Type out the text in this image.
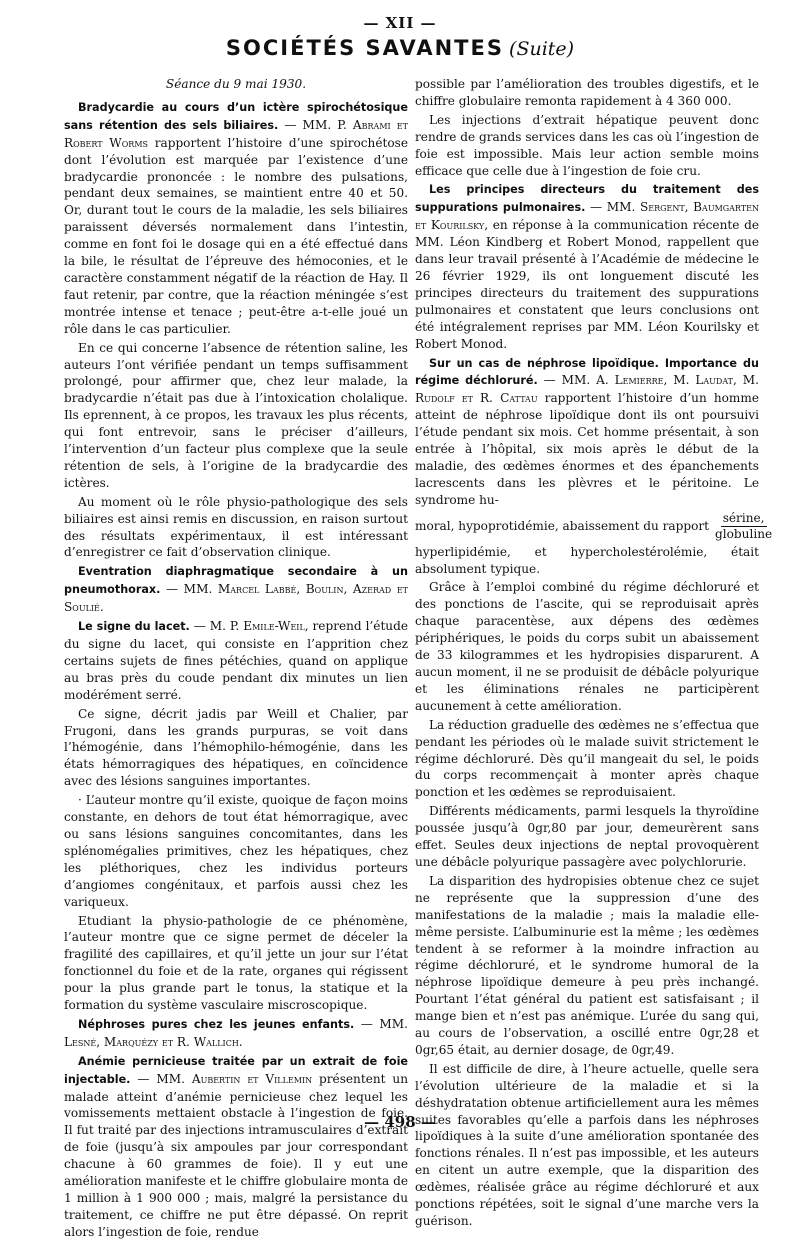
— XII —
SOCIÉTÉS SAVANTES (Suite)
Séance du 9 mai 1930.

Bradycardie au cours d’un ictère spirochétosique sans rétention des sels biliaires. — MM. P. Abrami et Robert Worms rapportent l’histoire d’une spirochétose dont l’évolution est marquée par l’existence d’une bradycardie prononcée : le nombre des pulsations, pendant deux semaines, se maintient entre 40 et 50. Or, durant tout le cours de la maladie, les sels biliaires paraissent déversés normalement dans l’intestin, comme en font foi le dosage qui en a été effectué dans la bile, le résultat de l’épreuve des hémoconies, et le caractère constamment négatif de la réaction de Hay. Il faut retenir, par contre, que la réaction méningée s’est montrée intense et tenace ; peut-être a-t-elle joué un rôle dans le cas particulier.

En ce qui concerne l’absence de rétention saline, les auteurs l’ont vérifiée pendant un temps suffisamment prolongé, pour affirmer que, chez leur malade, la bradycardie n’était pas due à l’intoxication cholalique. Ils eprennent, à ce propos, les travaux les plus récents, qui font entrevoir, sans le préciser d’ailleurs, l’intervention d’un facteur plus complexe que la seule rétention de sels, à l’origine de la bradycardie des ictères.

Au moment où le rôle physio-pathologique des sels biliaires est ainsi remis en discussion, en raison surtout des résultats expérimentaux, il est intéressant d’enregistrer ce fait d’observation clinique.

Eventration diaphragmatique secondaire à un pneumothorax. — MM. Marcel Labbé, Boulin, Azerad et Soulié.

Le signe du lacet. — M. P. Emile-Weil, reprend l’étude du signe du lacet, qui consiste en l’apprition chez certains sujets de fines pétéchies, quand on applique au bras près du coude pendant dix minutes un lien modérément serré.

Ce signe, décrit jadis par Weill et Chalier, par Frugoni, dans les grands purpuras, se voit dans l’hémogénie, dans l’hémophilo-hémogénie, dans les états hémorragiques des hépatiques, en coïncidence avec des lésions sanguines importantes.

· L’auteur montre qu’il existe, quoique de façon moins constante, en dehors de tout état hémorragique, avec ou sans lésions sanguines concomitantes, dans les splénomégalies primitives, chez les hépatiques, chez les pléthoriques, chez les individus porteurs d’angiomes congénitaux, et parfois aussi chez les variqueux.

Etudiant la physio-pathologie de ce phénomène, l’auteur montre que ce signe permet de déceler la fragilité des capillaires, et qu’il jette un jour sur l’état fonctionnel du foie et de la rate, organes qui régissent pour la plus grande part le tonus, la statique et la formation du système vasculaire miscroscopique.

Néphroses pures chez les jeunes enfants. — MM. Lesné, Marquézy et R. Wallich.

Anémie pernicieuse traitée par un extrait de foie injectable. — MM. Aubertin et Villemin présentent un malade atteint d’anémie pernicieuse chez lequel les vomissements mettaient obstacle à l’ingestion de foie. Il fut traité par des injections intramusculaires d’extrait de foie (jusqu’à six ampoules par jour correspondant chacune à 60 grammes de foie). Il y eut une amélioration manifeste et le chiffre globulaire monta de 1 million à 1 900 000 ; mais, malgré la persistance du traitement, ce chiffre ne put être dépassé. On reprit alors l’ingestion de foie, rendue

possible par l’amélioration des troubles digestifs, et le chiffre globulaire remonta rapidement à 4 360 000.

Les injections d’extrait hépatique peuvent donc rendre de grands services dans les cas où l’ingestion de foie est impossible. Mais leur action semble moins efficace que celle due à l’ingestion de foie cru.

Les principes directeurs du traitement des suppurations pulmonaires. — MM. Sergent, Baumgarten et Kourilsky, en réponse à la communication récente de MM. Léon Kindberg et Robert Monod, rappellent que dans leur travail présenté à l’Académie de médecine le 26 février 1929, ils ont longuement discuté les principes directeurs du traitement des suppurations pulmonaires et constatent que leurs conclusions ont été intégralement reprises par MM. Léon Kourilsky et Robert Monod.

Sur un cas de néphrose lipoïdique. Importance du régime déchloruré. — MM. A. Lemierre, M. Laudat, M. Rudolf et R. Cattau rapportent l’histoire d’un homme atteint de néphrose lipoïdique dont ils ont poursuivi l’étude pendant six mois. Cet homme présentait, à son entrée à l’hôpital, six mois après le début de la maladie, des œdèmes énormes et des épanchements lacrescents dans les plèvres et le péritoine. Le syndrome hu-

moral, hypoprotidémie, abaissement du rapport $\frac{\text{sérine,}}{\text{globuline}}$

hyperlipidémie, et hypercholestérolémie, était absolument typique.

Grâce à l’emploi combiné du régime déchloruré et des ponctions de l’ascite, qui se reproduisait après chaque paracentèse, aux dépens des œdèmes périphériques, le poids du corps subit un abaissement de 33 kilogrammes et les hydropisies disparurent. A aucun moment, il ne se produisit de débâcle polyurique et les éliminations rénales ne participèrent aucunement à cette amélioration.

La réduction graduelle des œdèmes ne s’effectua que pendant les périodes où le malade suivit strictement le régime déchloruré. Dès qu’il mangeait du sel, le poids du corps recommençait à monter après chaque ponction et les œdèmes se reproduisaient.

Différents médicaments, parmi lesquels la thyroïdine poussée jusqu’à 0gr,80 par jour, demeurèrent sans effet. Seules deux injections de neptal provoquèrent une débâcle polyurique passagère avec polychlorurie.

La disparition des hydropisies obtenue chez ce sujet ne représente que la suppression d’une des manifestations de la maladie ; mais la maladie elle-même persiste. L’albuminurie est la même ; les œdèmes tendent à se reformer à la moindre infraction au régime déchloruré, et le syndrome humoral de la néphrose lipoïdique demeure à peu près inchangé. Pourtant l’état général du patient est satisfaisant ; il mange bien et n’est pas anémique. L’urée du sang qui, au cours de l’observation, a oscillé entre 0gr,28 et 0gr,65 était, au dernier dosage, de 0gr,49.

Il est difficile de dire, à l’heure actuelle, quelle sera l’évolution ultérieure de la maladie et si la déshydratation obtenue artificiellement aura les mêmes suites favorables qu’elle a parfois dans les néphroses lipoïdiques à la suite d’une amélioration spontanée des fonctions rénales. Il n’est pas impossible, et les auteurs en citent un autre exemple, que la disparition des œdèmes, réalisée grâce au régime déchloruré et aux ponctions répétées, soit le signal d’une marche vers la guérison.

— 498 —
